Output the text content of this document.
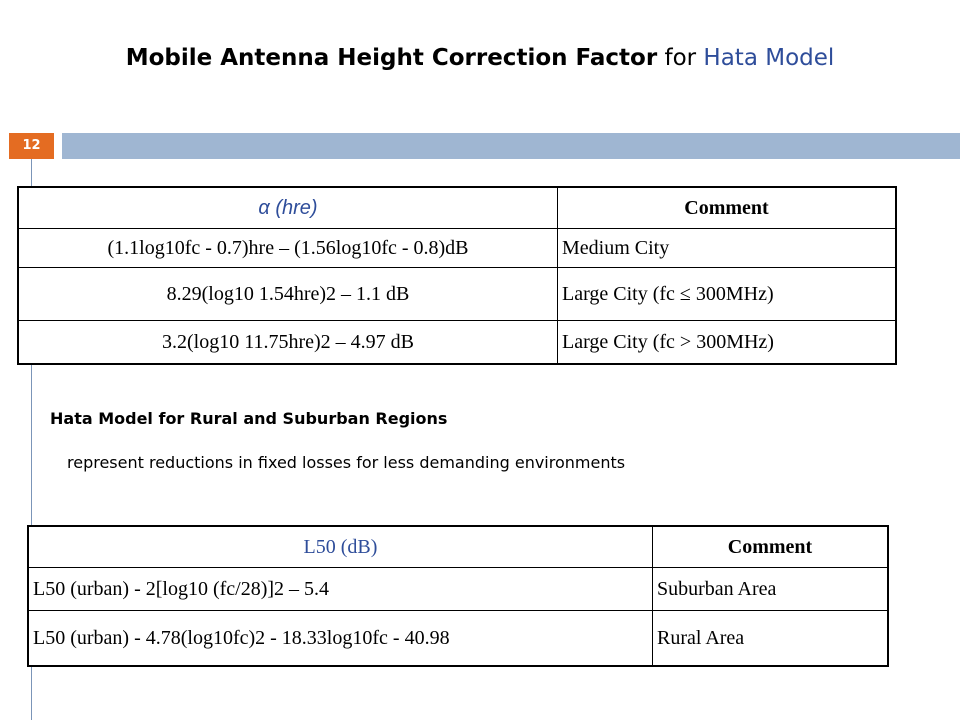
Mobile Antenna Height Correction Factor for Hata Model
12
α (hre)	Comment
(1.1log10fc - 0.7)hre – (1.56log10fc - 0.8)dB	Medium City
8.29(log10 1.54hre)2 – 1.1 dB	Large City (fc ≤ 300MHz)
3.2(log10 11.75hre)2 – 4.97 dB	Large City (fc > 300MHz)
Hata Model for Rural and Suburban Regions
represent reductions in fixed losses for less demanding environments
L50 (dB)	Comment
L50 (urban) - 2[log10 (fc/28)]2 – 5.4	Suburban Area
L50 (urban) - 4.78(log10fc)2 - 18.33log10fc - 40.98	Rural Area
